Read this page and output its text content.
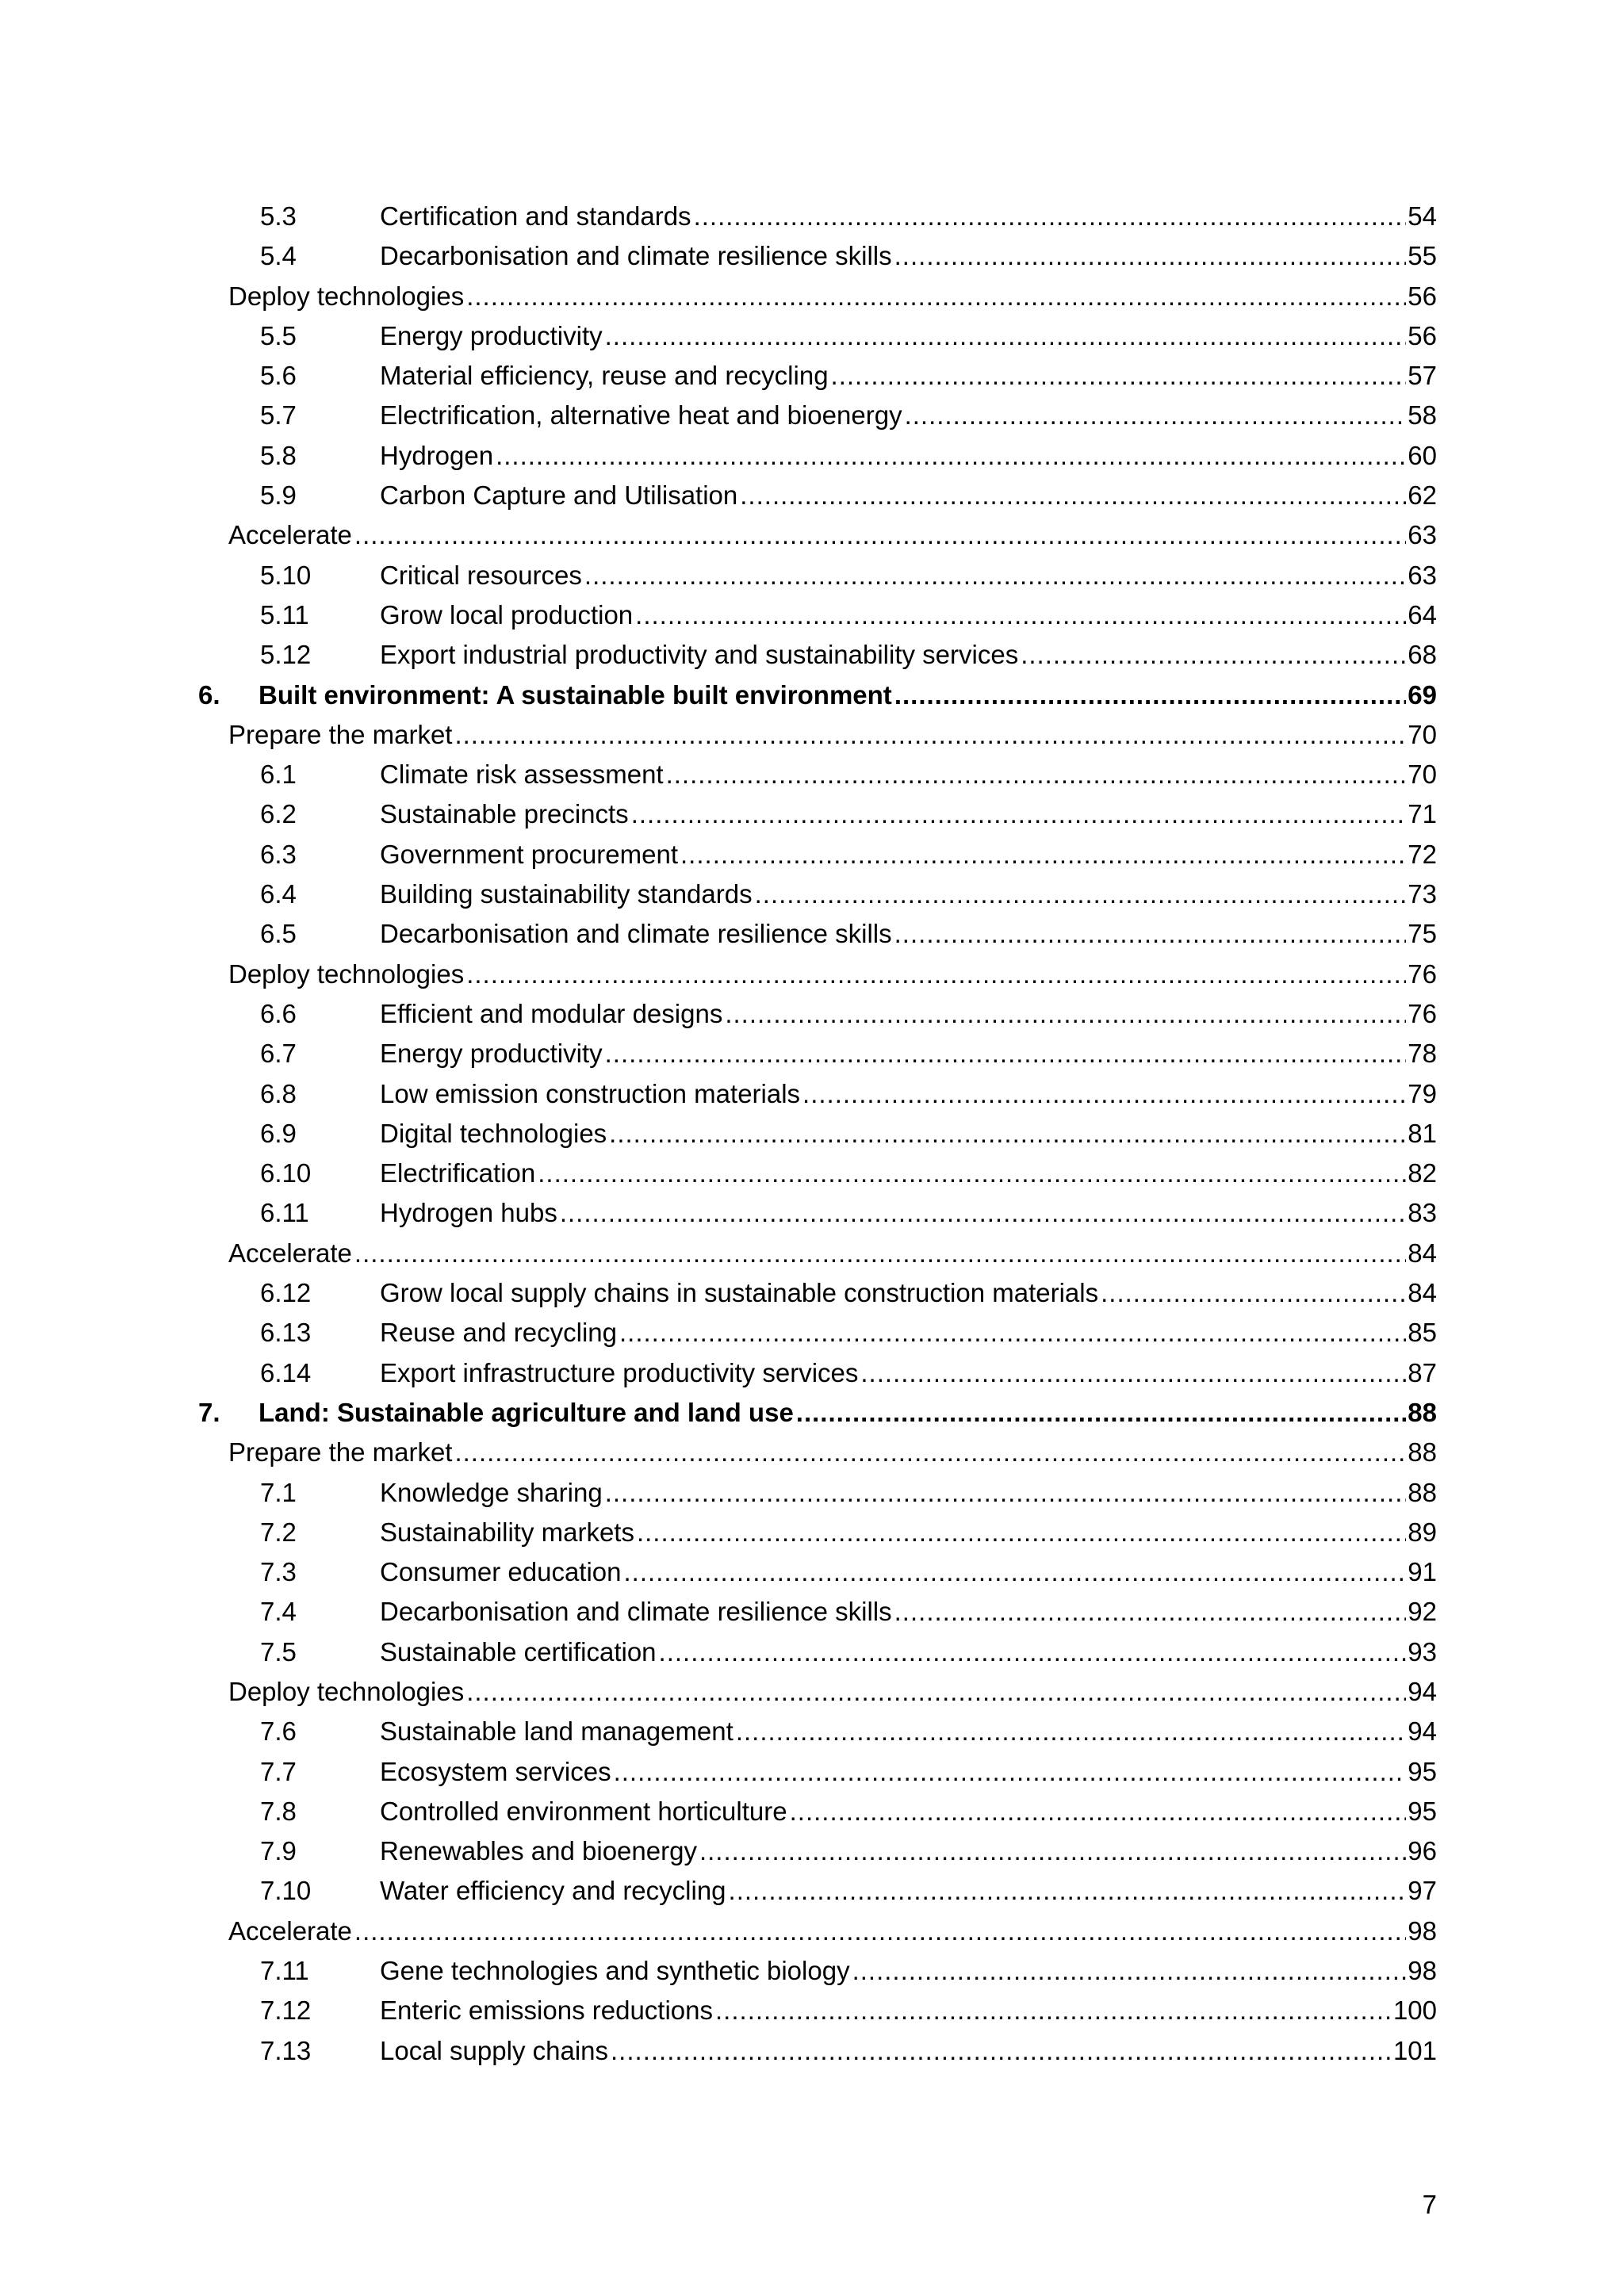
5.3	Certification and standards .....	54
5.4	Decarbonisation and climate resilience skills .....	55
Deploy technologies .....	56
5.5	Energy productivity .....	56
5.6	Material efficiency, reuse and recycling .....	57
5.7	Electrification, alternative heat and bioenergy .....	58
5.8	Hydrogen .....	60
5.9	Carbon Capture and Utilisation .....	62
Accelerate .....	63
5.10	Critical resources .....	63
5.11	Grow local production .....	64
5.12	Export industrial productivity and sustainability services .....	68
6. Built environment: A sustainable built environment .....	69
Prepare the market .....	70
6.1	Climate risk assessment .....	70
6.2	Sustainable precincts .....	71
6.3	Government procurement .....	72
6.4	Building sustainability standards .....	73
6.5	Decarbonisation and climate resilience skills .....	75
Deploy technologies .....	76
6.6	Efficient and modular designs .....	76
6.7	Energy productivity .....	78
6.8	Low emission construction materials .....	79
6.9	Digital technologies .....	81
6.10	Electrification .....	82
6.11	Hydrogen hubs .....	83
Accelerate .....	84
6.12	Grow local supply chains in sustainable construction materials .....	84
6.13	Reuse and recycling .....	85
6.14	Export infrastructure productivity services .....	87
7. Land: Sustainable agriculture and land use .....	88
Prepare the market .....	88
7.1	Knowledge sharing .....	88
7.2	Sustainability markets .....	89
7.3	Consumer education .....	91
7.4	Decarbonisation and climate resilience skills .....	92
7.5	Sustainable certification .....	93
Deploy technologies .....	94
7.6	Sustainable land management .....	94
7.7	Ecosystem services .....	95
7.8	Controlled environment horticulture .....	95
7.9	Renewables and bioenergy .....	96
7.10	Water efficiency and recycling .....	97
Accelerate .....	98
7.11	Gene technologies and synthetic biology .....	98
7.12	Enteric emissions reductions .....	100
7.13	Local supply chains .....	101
7
